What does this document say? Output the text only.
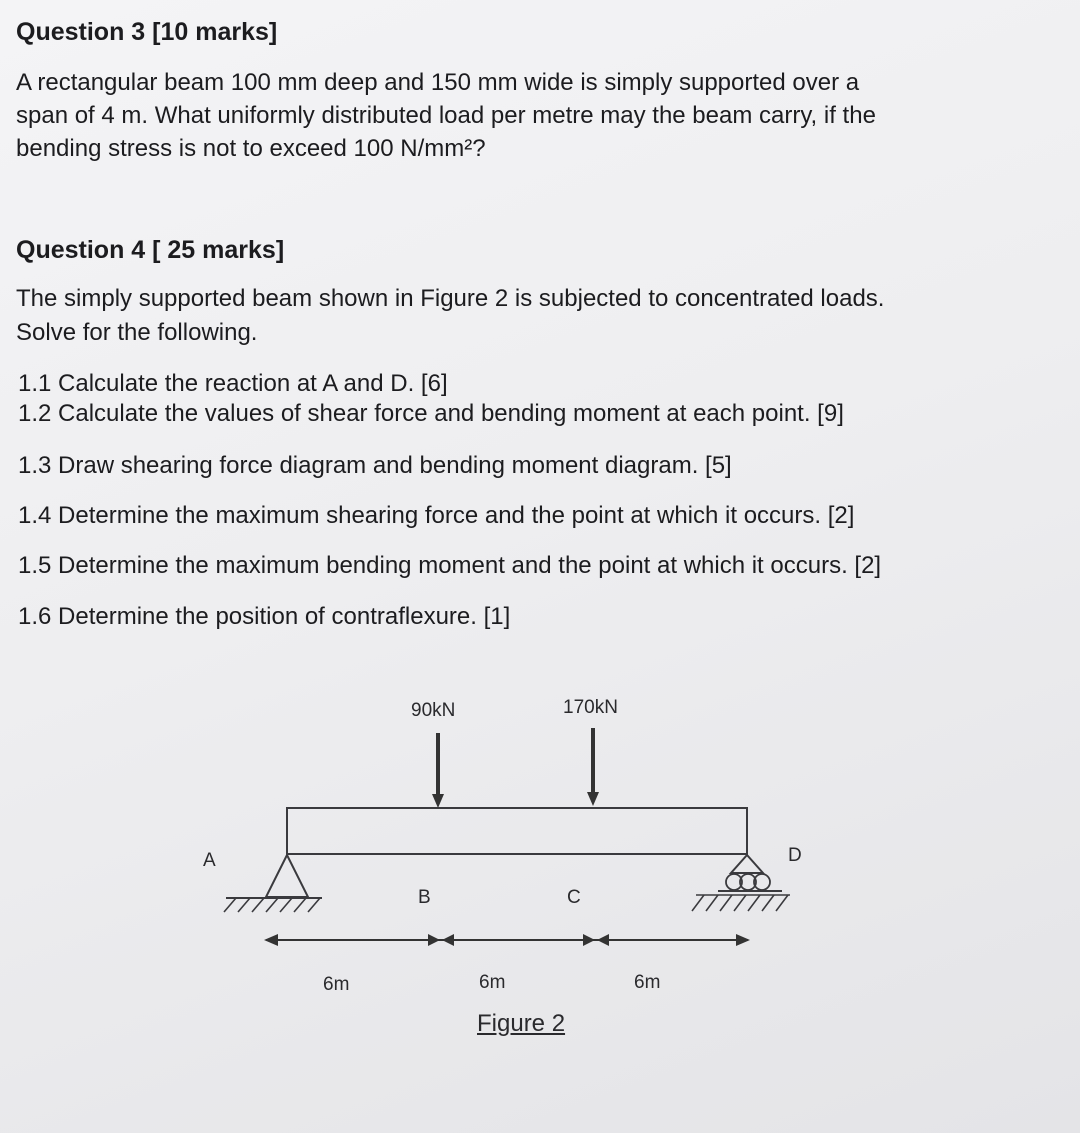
Question 3 [10 marks]
A rectangular beam 100 mm deep and 150 mm wide is simply supported over a
span of 4 m. What uniformly distributed load per metre may the beam carry, if the
bending stress is not to exceed 100 N/mm²?
Question 4 [ 25 marks]
The simply supported beam shown in Figure 2 is subjected to concentrated loads.
Solve for the following.
1.1 Calculate the reaction at A and D. [6]
1.2 Calculate the values of shear force and bending moment at each point. [9]
1.3 Draw shearing force diagram and bending moment diagram. [5]
1.4 Determine the maximum shearing force and the point at which it occurs. [2]
1.5 Determine the maximum bending moment and the point at which it occurs. [2]
1.6 Determine the position of contraflexure. [1]
90kN	170kN
A
B	C
D
6m	6m	6m
Figure 2
